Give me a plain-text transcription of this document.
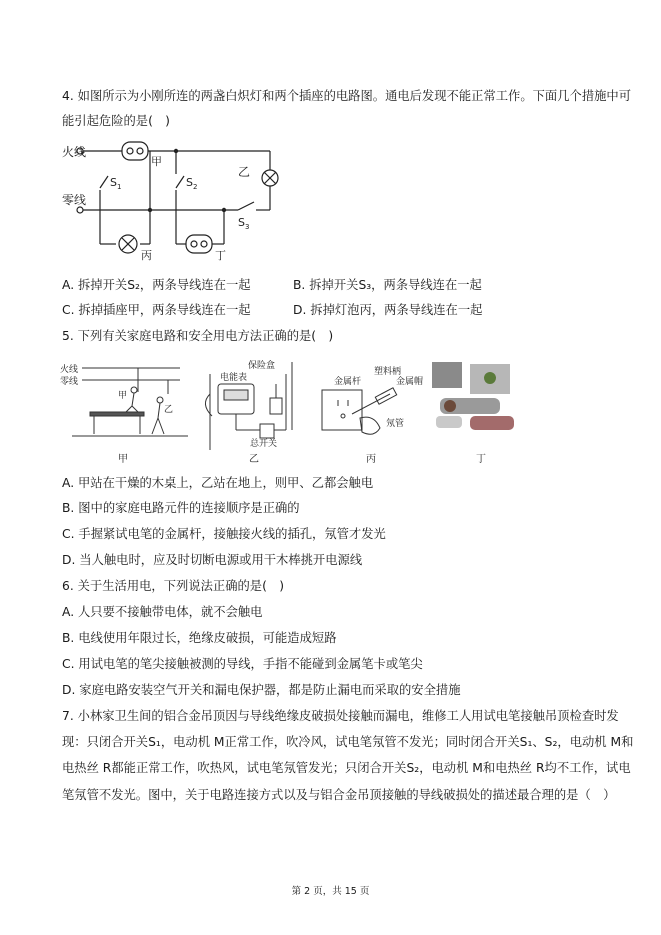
4. 如图所示为小刚所连的两盏白炽灯和两个插座的电路图。通电后发现不能正常工作。下面几个措施中可
能引起危险的是(　)
火线
零线
甲
乙
丙	丁
$S_1$	$S_2$
$S_3$
A. 拆掉开关S₂，两条导线连在一起	B. 拆掉开关S₃，两条导线连在一起
C. 拆掉插座甲，两条导线连在一起	D. 拆掉灯泡丙，两条导线连在一起
5. 下列有关家庭电路和安全用电方法正确的是(　)
火线
零线
甲
乙
甲
保险盒
电能表
总开关
乙
塑料柄
金属杆	金属帽
氖管
丙	丁
A. 甲站在干燥的木桌上，乙站在地上，则甲、乙都会触电
B. 图中的家庭电路元件的连接顺序是正确的
C. 手握紧试电笔的金属杆，接触接火线的插孔，氖管才发光
D. 当人触电时，应及时切断电源或用干木棒挑开电源线
6. 关于生活用电，下列说法正确的是(　)
A. 人只要不接触带电体，就不会触电
B. 电线使用年限过长，绝缘皮破损，可能造成短路
C. 用试电笔的笔尖接触被测的导线，手指不能碰到金属笔卡或笔尖
D. 家庭电路安装空气开关和漏电保护器，都是防止漏电而采取的安全措施
7. 小林家卫生间的铝合金吊顶因与导线绝缘皮破损处接触而漏电，维修工人用试电笔接触吊顶检查时发
现：只闭合开关S₁，电动机 M正常工作，吹冷风，试电笔氖管不发光；同时闭合开关S₁、S₂，电动机 M和
电热丝 R都能正常工作，吹热风，试电笔氖管发光；只闭合开关S₂，电动机 M和电热丝 R均不工作，试电
笔氖管不发光。图中，关于电路连接方式以及与铝合金吊顶接触的导线破损处的描述最合理的是（　）
第 2 页，共 15 页
